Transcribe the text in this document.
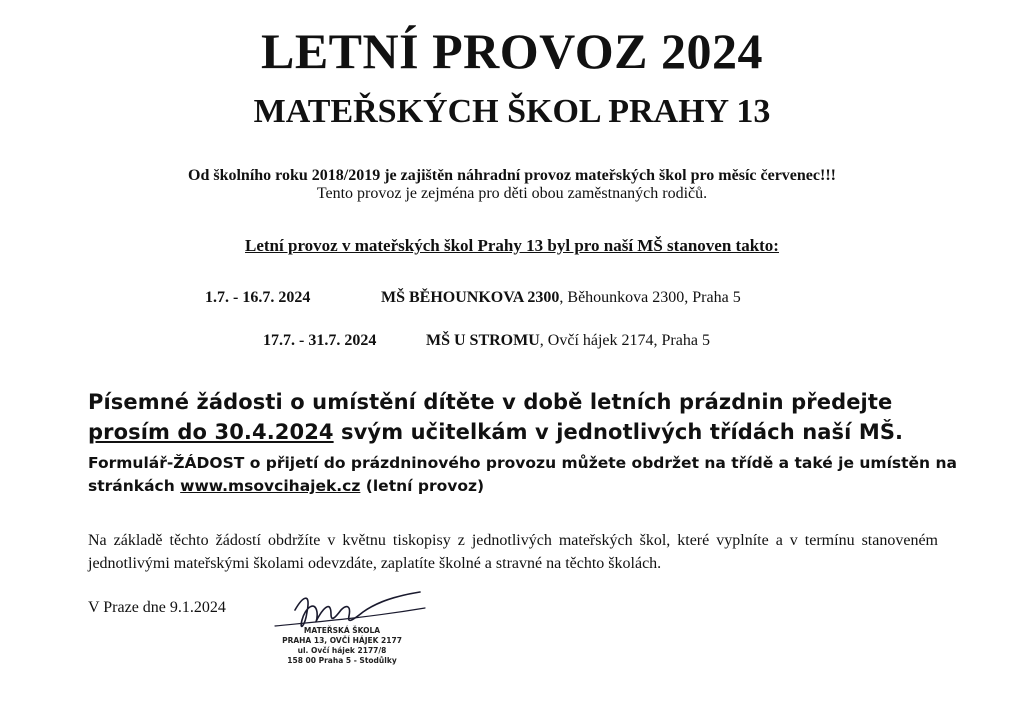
LETNÍ PROVOZ 2024
MATEŘSKÝCH ŠKOL PRAHY 13
Od školního roku 2018/2019 je zajištěn náhradní provoz mateřských škol pro měsíc červenec!!!
Tento provoz je zejména pro děti obou zaměstnaných rodičů.
Letní provoz v mateřských škol Prahy 13 byl pro naší MŠ stanoven takto:
1.7. - 16.7. 2024	MŠ BĚHOUNKOVA 2300, Běhounkova 2300, Praha 5
17.7. - 31.7. 2024	MŠ U STROMU, Ovčí hájek 2174, Praha 5
Písemné žádosti o umístění dítěte v době letních prázdnin předejte prosím do 30.4.2024 svým učitelkám v jednotlivých třídách naší MŠ.
Formulář-ŽÁDOST o přijetí do prázdninového provozu můžete obdržet na třídě a také je umístěn na stránkách www.msovcihajek.cz (letní provoz)
Na základě těchto žádostí obdržíte v květnu tiskopisy z jednotlivých mateřských škol, které vyplníte a v termínu stanoveném jednotlivými mateřskými školami odevzdáte, zaplatíte školné a stravné na těchto školách.
V Praze dne 9.1.2024
MATEŘSKÁ ŠKOLA
PRAHA 13, OVČÍ HÁJEK 2177
ul. Ovčí hájek 2177/8
158 00 Praha 5 - Stodůlky
